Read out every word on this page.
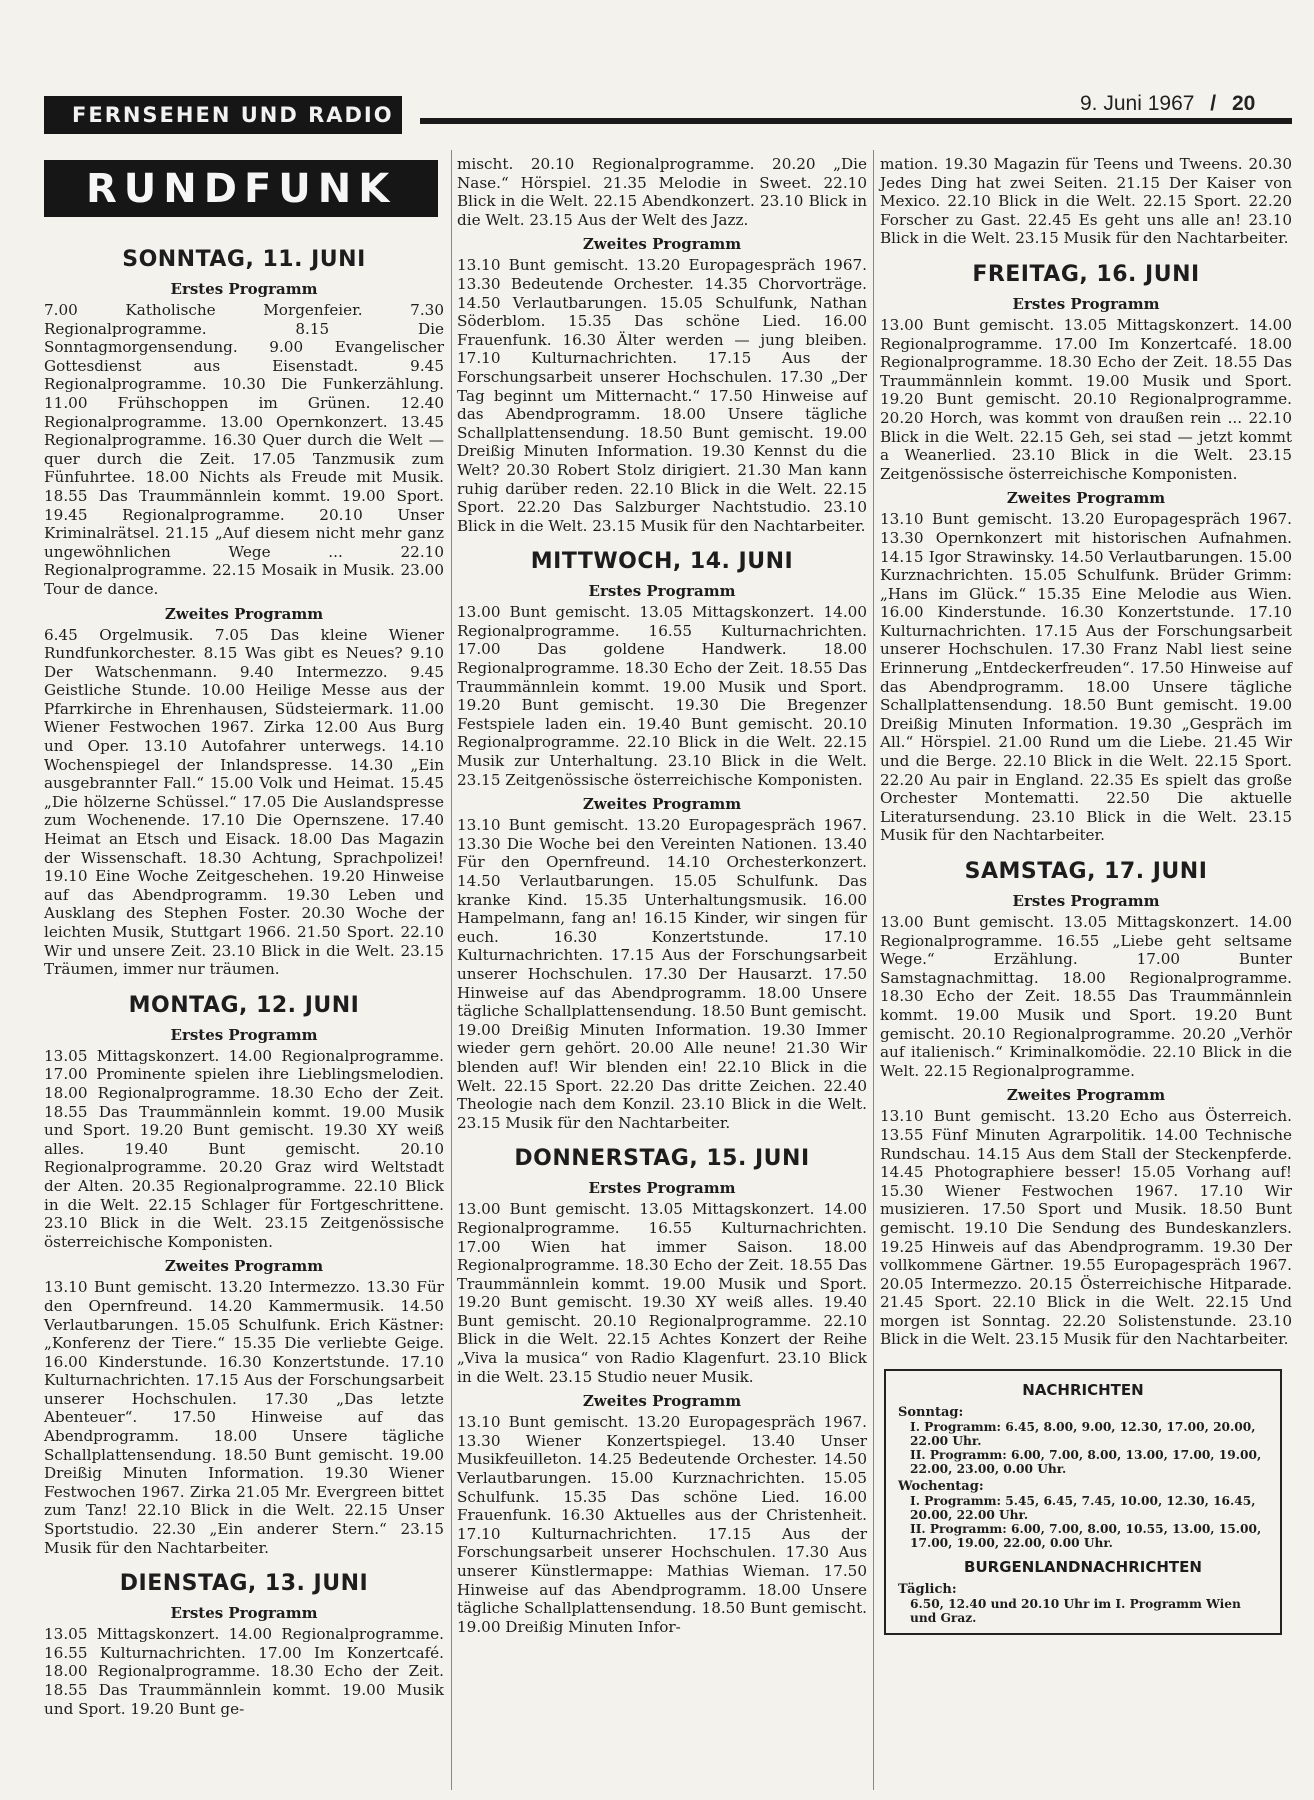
FERNSEHEN UND RADIO	9. Juni 1967 / 20
RUNDFUNK
SONNTAG, 11. JUNI
Erstes Programm
7.00 Katholische Morgenfeier. 7.30 Regionalprogramme. 8.15 Die Sonntagmorgensendung. 9.00 Evangelischer Gottesdienst aus Eisenstadt. 9.45 Regionalprogramme. 10.30 Die Funkerzählung. 11.00 Frühschoppen im Grünen. 12.40 Regionalprogramme. 13.00 Opernkonzert. 13.45 Regionalprogramme. 16.30 Quer durch die Welt — quer durch die Zeit. 17.05 Tanzmusik zum Fünfuhrtee. 18.00 Nichts als Freude mit Musik. 18.55 Das Traummännlein kommt. 19.00 Sport. 19.45 Regionalprogramme. 20.10 Unser Kriminalrätsel. 21.15 „Auf diesem nicht mehr ganz ungewöhnlichen Wege ... 22.10 Regionalprogramme. 22.15 Mosaik in Musik. 23.00 Tour de dance.
Zweites Programm
6.45 Orgelmusik. 7.05 Das kleine Wiener Rundfunkorchester. 8.15 Was gibt es Neues? 9.10 Der Watschenmann. 9.40 Intermezzo. 9.45 Geistliche Stunde. 10.00 Heilige Messe aus der Pfarrkirche in Ehrenhausen, Südsteiermark. 11.00 Wiener Festwochen 1967. Zirka 12.00 Aus Burg und Oper. 13.10 Autofahrer unterwegs. 14.10 Wochenspiegel der Inlandspresse. 14.30 „Ein ausgebrannter Fall.“ 15.00 Volk und Heimat. 15.45 „Die hölzerne Schüssel.“ 17.05 Die Auslandspresse zum Wochenende. 17.10 Die Opernszene. 17.40 Heimat an Etsch und Eisack. 18.00 Das Magazin der Wissenschaft. 18.30 Achtung, Sprachpolizei! 19.10 Eine Woche Zeitgeschehen. 19.20 Hinweise auf das Abendprogramm. 19.30 Leben und Ausklang des Stephen Foster. 20.30 Woche der leichten Musik, Stuttgart 1966. 21.50 Sport. 22.10 Wir und unsere Zeit. 23.10 Blick in die Welt. 23.15 Träumen, immer nur träumen.
MONTAG, 12. JUNI
Erstes Programm
13.05 Mittagskonzert. 14.00 Regionalprogramme. 17.00 Prominente spielen ihre Lieblingsmelodien. 18.00 Regionalprogramme. 18.30 Echo der Zeit. 18.55 Das Traummännlein kommt. 19.00 Musik und Sport. 19.20 Bunt gemischt. 19.30 XY weiß alles. 19.40 Bunt gemischt. 20.10 Regionalprogramme. 20.20 Graz wird Weltstadt der Alten. 20.35 Regionalprogramme. 22.10 Blick in die Welt. 22.15 Schlager für Fortgeschrittene. 23.10 Blick in die Welt. 23.15 Zeitgenössische österreichische Komponisten.
Zweites Programm
13.10 Bunt gemischt. 13.20 Intermezzo. 13.30 Für den Opernfreund. 14.20 Kammermusik. 14.50 Verlautbarungen. 15.05 Schulfunk. Erich Kästner: „Konferenz der Tiere.“ 15.35 Die verliebte Geige. 16.00 Kinderstunde. 16.30 Konzertstunde. 17.10 Kulturnachrichten. 17.15 Aus der Forschungsarbeit unserer Hochschulen. 17.30 „Das letzte Abenteuer“. 17.50 Hinweise auf das Abendprogramm. 18.00 Unsere tägliche Schallplattensendung. 18.50 Bunt gemischt. 19.00 Dreißig Minuten Information. 19.30 Wiener Festwochen 1967. Zirka 21.05 Mr. Evergreen bittet zum Tanz! 22.10 Blick in die Welt. 22.15 Unser Sportstudio. 22.30 „Ein anderer Stern.“ 23.15 Musik für den Nachtarbeiter.
DIENSTAG, 13. JUNI
Erstes Programm
13.05 Mittagskonzert. 14.00 Regionalprogramme. 16.55 Kulturnachrichten. 17.00 Im Konzertcafé. 18.00 Regionalprogramme. 18.30 Echo der Zeit. 18.55 Das Traummännlein kommt. 19.00 Musik und Sport. 19.20 Bunt ge-
mischt. 20.10 Regionalprogramme. 20.20 „Die Nase.“ Hörspiel. 21.35 Melodie in Sweet. 22.10 Blick in die Welt. 22.15 Abendkonzert. 23.10 Blick in die Welt. 23.15 Aus der Welt des Jazz.
Zweites Programm
13.10 Bunt gemischt. 13.20 Europagespräch 1967. 13.30 Bedeutende Orchester. 14.35 Chorvorträge. 14.50 Verlautbarungen. 15.05 Schulfunk, Nathan Söderblom. 15.35 Das schöne Lied. 16.00 Frauenfunk. 16.30 Älter werden — jung bleiben. 17.10 Kulturnachrichten. 17.15 Aus der Forschungsarbeit unserer Hochschulen. 17.30 „Der Tag beginnt um Mitternacht.“ 17.50 Hinweise auf das Abendprogramm. 18.00 Unsere tägliche Schallplattensendung. 18.50 Bunt gemischt. 19.00 Dreißig Minuten Information. 19.30 Kennst du die Welt? 20.30 Robert Stolz dirigiert. 21.30 Man kann ruhig darüber reden. 22.10 Blick in die Welt. 22.15 Sport. 22.20 Das Salzburger Nachtstudio. 23.10 Blick in die Welt. 23.15 Musik für den Nachtarbeiter.
MITTWOCH, 14. JUNI
Erstes Programm
13.00 Bunt gemischt. 13.05 Mittagskonzert. 14.00 Regionalprogramme. 16.55 Kulturnachrichten. 17.00 Das goldene Handwerk. 18.00 Regionalprogramme. 18.30 Echo der Zeit. 18.55 Das Traummännlein kommt. 19.00 Musik und Sport. 19.20 Bunt gemischt. 19.30 Die Bregenzer Festspiele laden ein. 19.40 Bunt gemischt. 20.10 Regionalprogramme. 22.10 Blick in die Welt. 22.15 Musik zur Unterhaltung. 23.10 Blick in die Welt. 23.15 Zeitgenössische österreichische Komponisten.
Zweites Programm
13.10 Bunt gemischt. 13.20 Europagespräch 1967. 13.30 Die Woche bei den Vereinten Nationen. 13.40 Für den Opernfreund. 14.10 Orchesterkonzert. 14.50 Verlautbarungen. 15.05 Schulfunk. Das kranke Kind. 15.35 Unterhaltungsmusik. 16.00 Hampelmann, fang an! 16.15 Kinder, wir singen für euch. 16.30 Konzertstunde. 17.10 Kulturnachrichten. 17.15 Aus der Forschungsarbeit unserer Hochschulen. 17.30 Der Hausarzt. 17.50 Hinweise auf das Abendprogramm. 18.00 Unsere tägliche Schallplattensendung. 18.50 Bunt gemischt. 19.00 Dreißig Minuten Information. 19.30 Immer wieder gern gehört. 20.00 Alle neune! 21.30 Wir blenden auf! Wir blenden ein! 22.10 Blick in die Welt. 22.15 Sport. 22.20 Das dritte Zeichen. 22.40 Theologie nach dem Konzil. 23.10 Blick in die Welt. 23.15 Musik für den Nachtarbeiter.
DONNERSTAG, 15. JUNI
Erstes Programm
13.00 Bunt gemischt. 13.05 Mittagskonzert. 14.00 Regionalprogramme. 16.55 Kulturnachrichten. 17.00 Wien hat immer Saison. 18.00 Regionalprogramme. 18.30 Echo der Zeit. 18.55 Das Traummännlein kommt. 19.00 Musik und Sport. 19.20 Bunt gemischt. 19.30 XY weiß alles. 19.40 Bunt gemischt. 20.10 Regionalprogramme. 22.10 Blick in die Welt. 22.15 Achtes Konzert der Reihe „Viva la musica“ von Radio Klagenfurt. 23.10 Blick in die Welt. 23.15 Studio neuer Musik.
Zweites Programm
13.10 Bunt gemischt. 13.20 Europagespräch 1967. 13.30 Wiener Konzertspiegel. 13.40 Unser Musikfeuilleton. 14.25 Bedeutende Orchester. 14.50 Verlautbarungen. 15.00 Kurznachrichten. 15.05 Schulfunk. 15.35 Das schöne Lied. 16.00 Frauenfunk. 16.30 Aktuelles aus der Christenheit. 17.10 Kulturnachrichten. 17.15 Aus der Forschungsarbeit unserer Hochschulen. 17.30 Aus unserer Künstlermappe: Mathias Wieman. 17.50 Hinweise auf das Abendprogramm. 18.00 Unsere tägliche Schallplattensendung. 18.50 Bunt gemischt. 19.00 Dreißig Minuten Infor-
mation. 19.30 Magazin für Teens und Tweens. 20.30 Jedes Ding hat zwei Seiten. 21.15 Der Kaiser von Mexico. 22.10 Blick in die Welt. 22.15 Sport. 22.20 Forscher zu Gast. 22.45 Es geht uns alle an! 23.10 Blick in die Welt. 23.15 Musik für den Nachtarbeiter.
FREITAG, 16. JUNI
Erstes Programm
13.00 Bunt gemischt. 13.05 Mittagskonzert. 14.00 Regionalprogramme. 17.00 Im Konzertcafé. 18.00 Regionalprogramme. 18.30 Echo der Zeit. 18.55 Das Traummännlein kommt. 19.00 Musik und Sport. 19.20 Bunt gemischt. 20.10 Regionalprogramme. 20.20 Horch, was kommt von draußen rein ... 22.10 Blick in die Welt. 22.15 Geh, sei stad — jetzt kommt a Weanerlied. 23.10 Blick in die Welt. 23.15 Zeitgenössische österreichische Komponisten.
Zweites Programm
13.10 Bunt gemischt. 13.20 Europagespräch 1967. 13.30 Opernkonzert mit historischen Aufnahmen. 14.15 Igor Strawinsky. 14.50 Verlautbarungen. 15.00 Kurznachrichten. 15.05 Schulfunk. Brüder Grimm: „Hans im Glück.“ 15.35 Eine Melodie aus Wien. 16.00 Kinderstunde. 16.30 Konzertstunde. 17.10 Kulturnachrichten. 17.15 Aus der Forschungsarbeit unserer Hochschulen. 17.30 Franz Nabl liest seine Erinnerung „Entdeckerfreuden“. 17.50 Hinweise auf das Abendprogramm. 18.00 Unsere tägliche Schallplattensendung. 18.50 Bunt gemischt. 19.00 Dreißig Minuten Information. 19.30 „Gespräch im All.“ Hörspiel. 21.00 Rund um die Liebe. 21.45 Wir und die Berge. 22.10 Blick in die Welt. 22.15 Sport. 22.20 Au pair in England. 22.35 Es spielt das große Orchester Montematti. 22.50 Die aktuelle Literatursendung. 23.10 Blick in die Welt. 23.15 Musik für den Nachtarbeiter.
SAMSTAG, 17. JUNI
Erstes Programm
13.00 Bunt gemischt. 13.05 Mittagskonzert. 14.00 Regionalprogramme. 16.55 „Liebe geht seltsame Wege.“ Erzählung. 17.00 Bunter Samstagnachmittag. 18.00 Regionalprogramme. 18.30 Echo der Zeit. 18.55 Das Traummännlein kommt. 19.00 Musik und Sport. 19.20 Bunt gemischt. 20.10 Regionalprogramme. 20.20 „Verhör auf italienisch.“ Kriminalkomödie. 22.10 Blick in die Welt. 22.15 Regionalprogramme.
Zweites Programm
13.10 Bunt gemischt. 13.20 Echo aus Österreich. 13.55 Fünf Minuten Agrarpolitik. 14.00 Technische Rundschau. 14.15 Aus dem Stall der Steckenpferde. 14.45 Photographiere besser! 15.05 Vorhang auf! 15.30 Wiener Festwochen 1967. 17.10 Wir musizieren. 17.50 Sport und Musik. 18.50 Bunt gemischt. 19.10 Die Sendung des Bundeskanzlers. 19.25 Hinweis auf das Abendprogramm. 19.30 Der vollkommene Gärtner. 19.55 Europagespräch 1967. 20.05 Intermezzo. 20.15 Österreichische Hitparade. 21.45 Sport. 22.10 Blick in die Welt. 22.15 Und morgen ist Sonntag. 22.20 Solistenstunde. 23.10 Blick in die Welt. 23.15 Musik für den Nachtarbeiter.
NACHRICHTEN
Sonntag:
I. Programm: 6.45, 8.00, 9.00, 12.30, 17.00, 20.00, 22.00 Uhr.
II. Programm: 6.00, 7.00, 8.00, 13.00, 17.00, 19.00, 22.00, 23.00, 0.00 Uhr.
Wochentag:
I. Programm: 5.45, 6.45, 7.45, 10.00, 12.30, 16.45, 20.00, 22.00 Uhr.
II. Programm: 6.00, 7.00, 8.00, 10.55, 13.00, 15.00, 17.00, 19.00, 22.00, 0.00 Uhr.
BURGENLANDNACHRICHTEN
Täglich:
6.50, 12.40 und 20.10 Uhr im I. Programm Wien und Graz.
